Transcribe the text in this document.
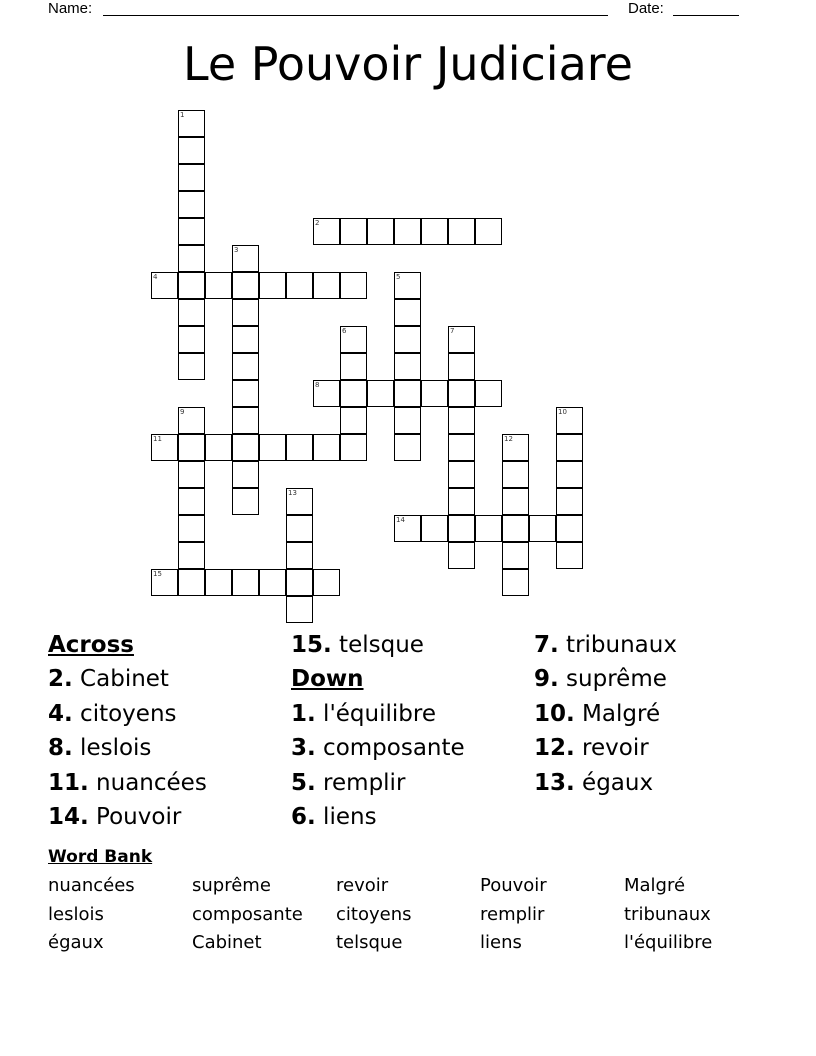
Name:	Date:
Le Pouvoir Judiciare
1
2
3
4	5
6	7
8
9	10
11	12
13
14
15
Across
2. Cabinet
4. citoyens
8. leslois
11. nuancées
14. Pouvoir
15. telsque
Down
1. l'équilibre
3. composante
5. remplir
6. liens
7. tribunaux
9. suprême
10. Malgré
12. revoir
13. égaux
Word Bank
nuancées	suprême	revoir	Pouvoir	Malgré
leslois	composante citoyens	remplir	tribunaux
égaux	Cabinet	telsque	liens	l'équilibre
